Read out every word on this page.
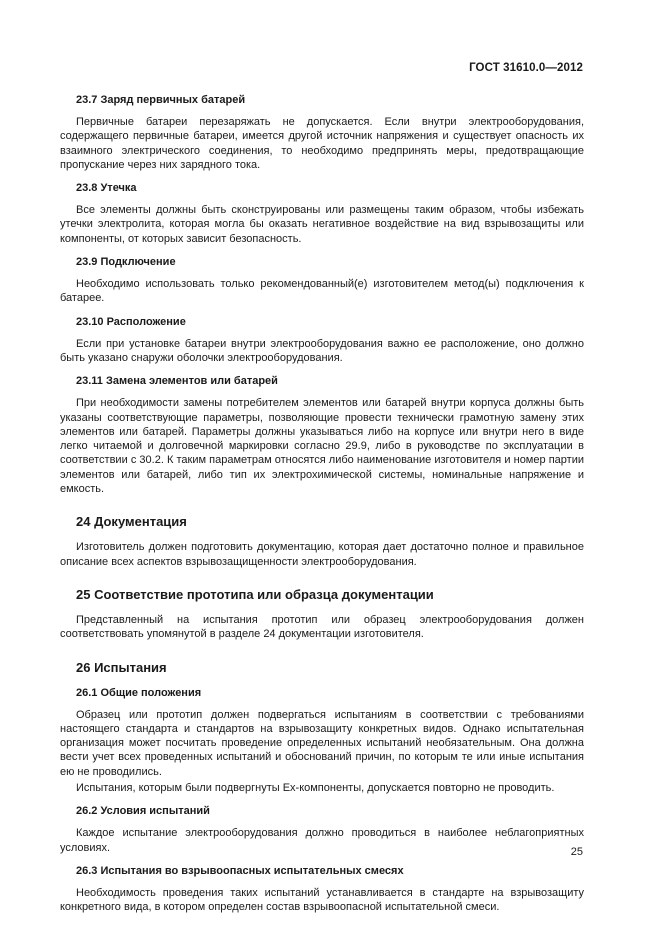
ГОСТ 31610.0—2012
23.7 Заряд первичных батарей

Первичные батареи перезаряжать не допускается. Если внутри электрооборудования, содержащего первичные батареи, имеется другой источник напряжения и существует опасность их взаимного электрического соединения, то необходимо предпринять меры, предотвращающие пропускание через них зарядного тока.

23.8 Утечка

Все элементы должны быть сконструированы или размещены таким образом, чтобы избежать утечки электролита, которая могла бы оказать негативное воздействие на вид взрывозащиты или компоненты, от которых зависит безопасность.

23.9 Подключение

Необходимо использовать только рекомендованный(е) изготовителем метод(ы) подключения к батарее.

23.10 Расположение

Если при установке батареи внутри электрооборудования важно ее расположение, оно должно быть указано снаружи оболочки электрооборудования.

23.11 Замена элементов или батарей

При необходимости замены потребителем элементов или батарей внутри корпуса должны быть указаны соответствующие параметры, позволяющие провести технически грамотную замену этих элементов или батарей. Параметры должны указываться либо на корпусе или внутри него в виде легко читаемой и долговечной маркировки согласно 29.9, либо в руководстве по эксплуатации в соответствии с 30.2. К таким параметрам относятся либо наименование изготовителя и номер партии элементов или батарей, либо тип их электрохимической системы, номинальные напряжение и емкость.

24 Документация

Изготовитель должен подготовить документацию, которая дает достаточно полное и правильное описание всех аспектов взрывозащищенности электрооборудования.

25 Соответствие прототипа или образца документации

Представленный на испытания прототип или образец электрооборудования должен соответствовать упомянутой в разделе 24 документации изготовителя.

26 Испытания
26.1 Общие положения

Образец или прототип должен подвергаться испытаниям в соответствии с требованиями настоящего стандарта и стандартов на взрывозащиту конкретных видов. Однако испытательная организация может посчитать проведение определенных испытаний необязательным. Она должна вести учет всех проведенных испытаний и обоснований причин, по которым те или иные испытания ею не проводились.

Испытания, которым были подвергнуты Ex-компоненты, допускается повторно не проводить.

26.2 Условия испытаний

Каждое испытание электрооборудования должно проводиться в наиболее неблагоприятных условиях.

26.3 Испытания во взрывоопасных испытательных смесях

Необходимость проведения таких испытаний устанавливается в стандарте на взрывозащиту конкретного вида, в котором определен состав взрывоопасной испытательной смеси.

25
